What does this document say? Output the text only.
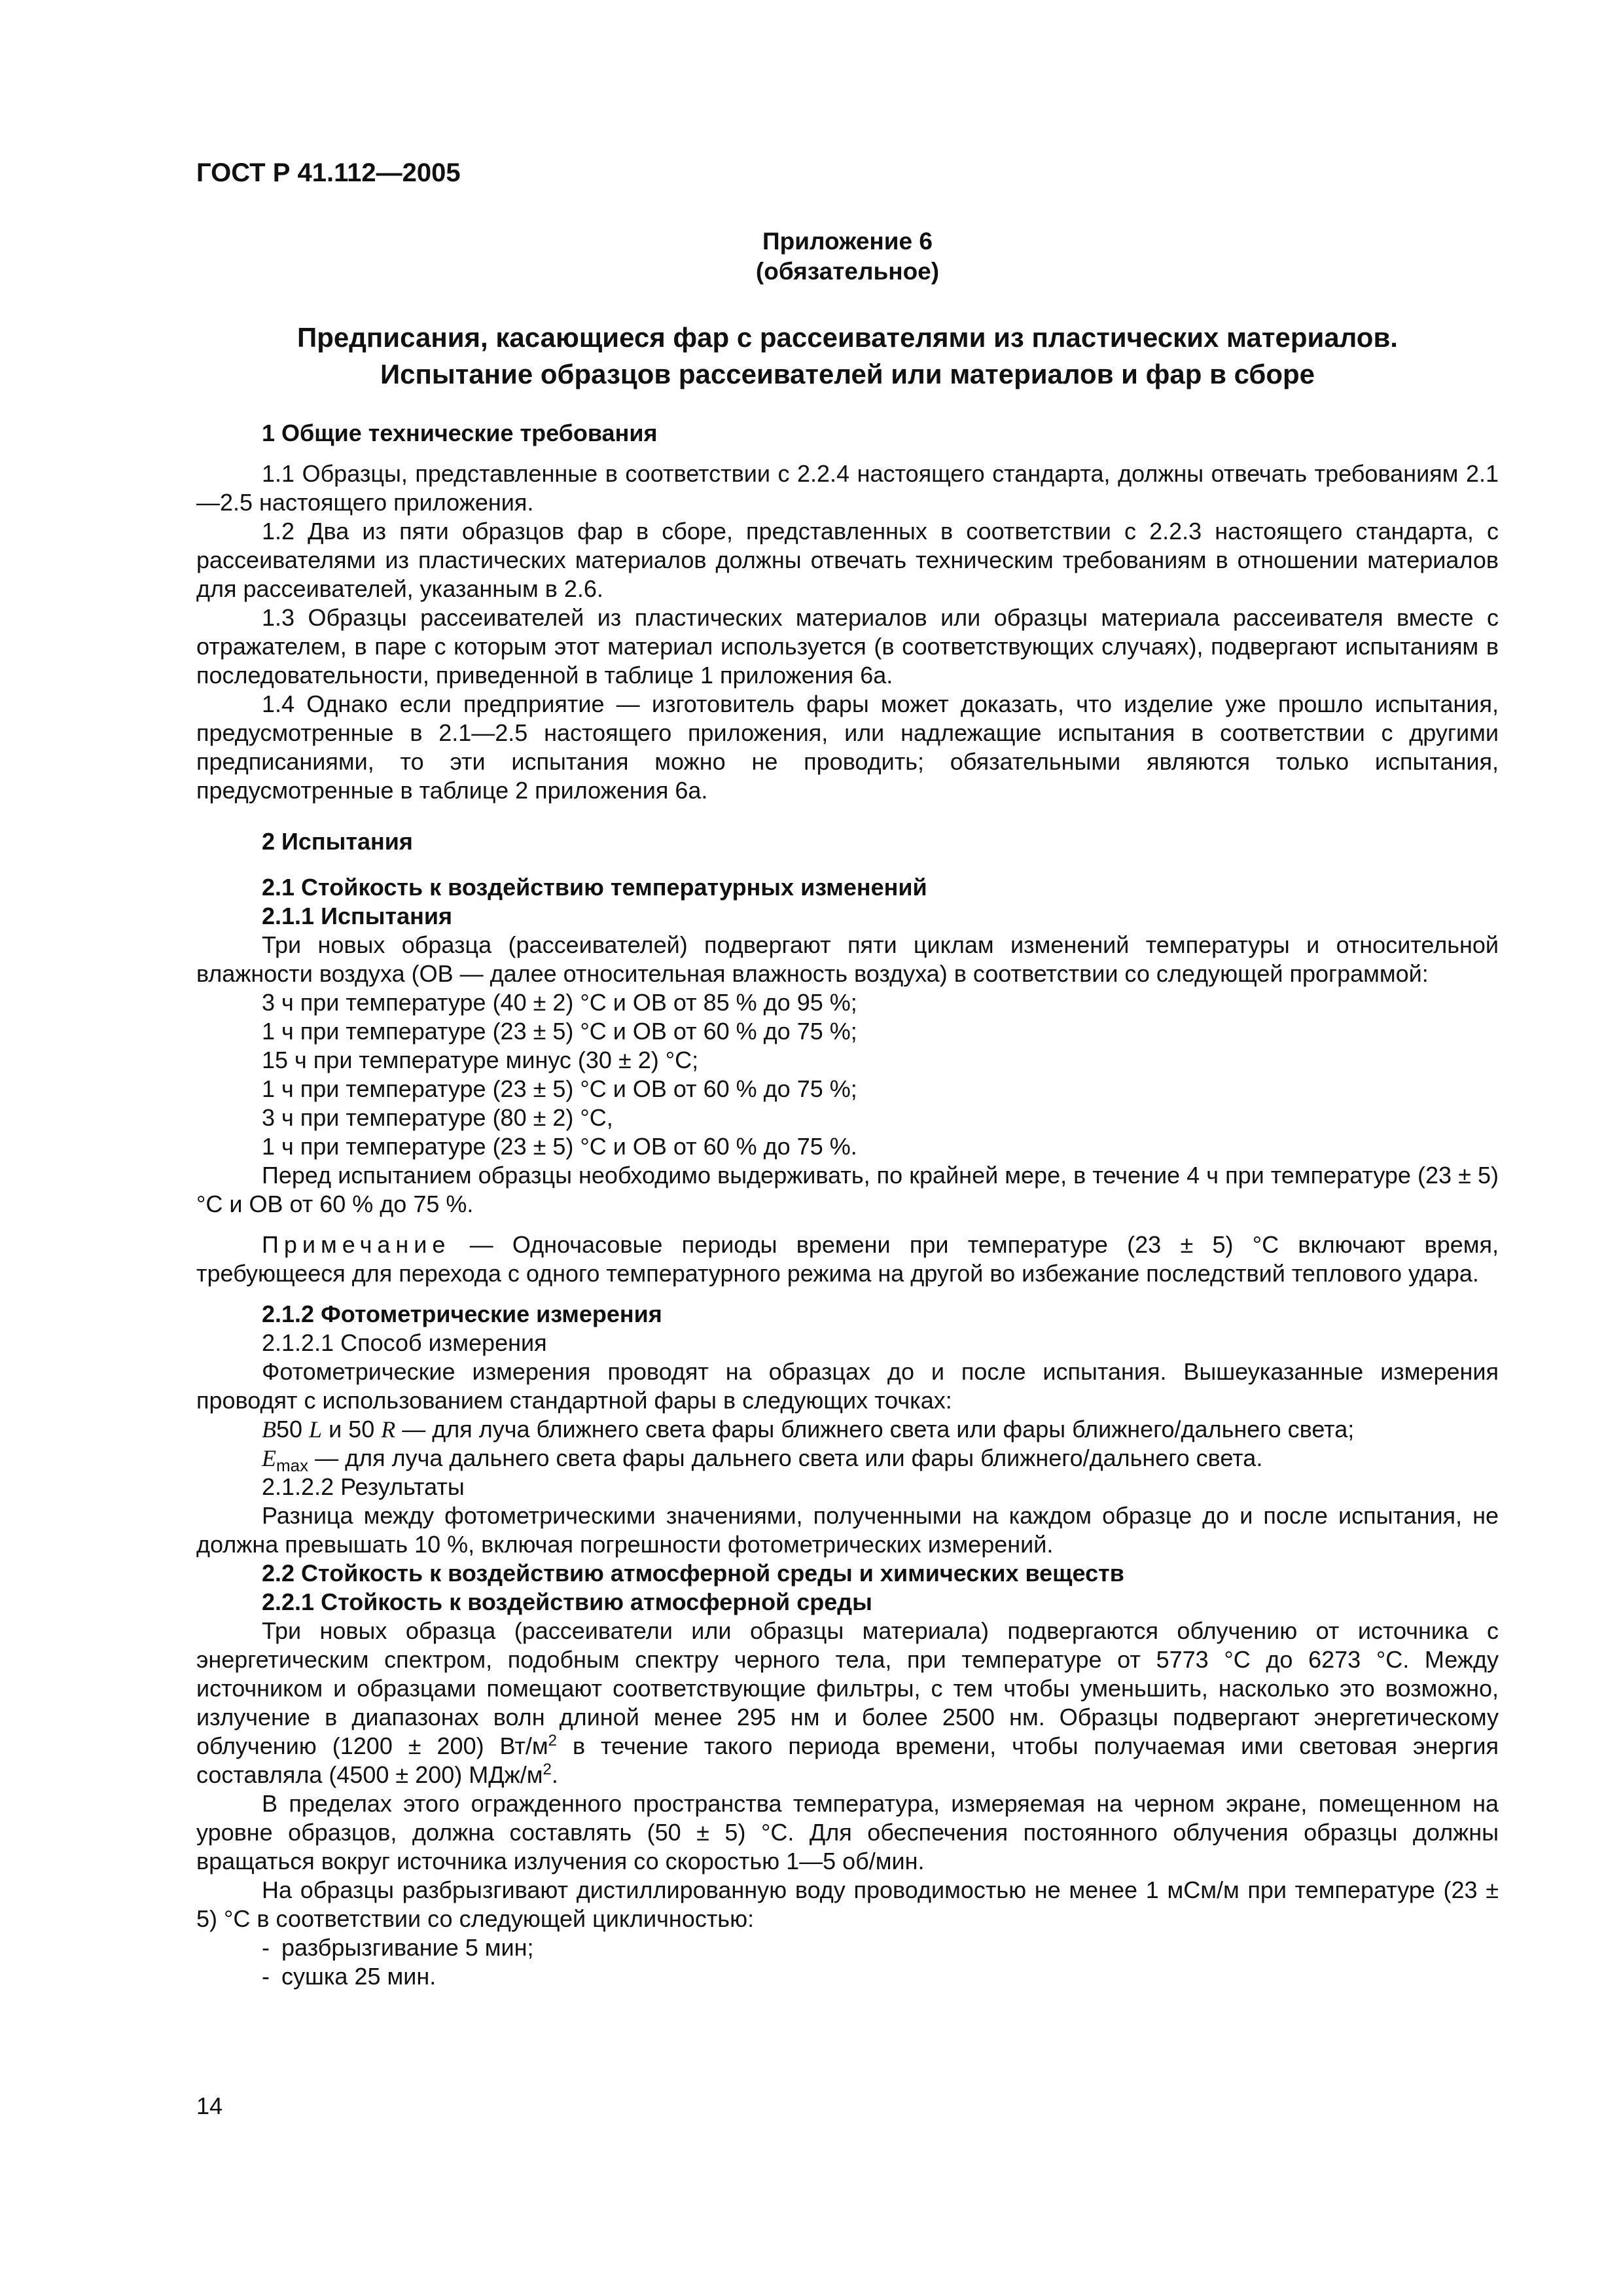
ГОСТ Р 41.112—2005
Приложение 6
(обязательное)
Предписания, касающиеся фар с рассеивателями из пластических материалов.
Испытание образцов рассеивателей или материалов и фар в сборе
1 Общие технические требования

1.1 Образцы, представленные в соответствии с 2.2.4 настоящего стандарта, должны отвечать требованиям 2.1—2.5 настоящего приложения.

1.2 Два из пяти образцов фар в сборе, представленных в соответствии с 2.2.3 настоящего стандарта, с рассеивателями из пластических материалов должны отвечать техническим требованиям в отношении материалов для рассеивателей, указанным в 2.6.

1.3 Образцы рассеивателей из пластических материалов или образцы материала рассеивателя вместе с отражателем, в паре с которым этот материал используется (в соответствующих случаях), подвергают испытаниям в последовательности, приведенной в таблице 1 приложения 6а.

1.4 Однако если предприятие — изготовитель фары может доказать, что изделие уже прошло испытания, предусмотренные в 2.1—2.5 настоящего приложения, или надлежащие испытания в соответствии с другими предписаниями, то эти испытания можно не проводить; обязательными являются только испытания, предусмотренные в таблице 2 приложения 6а.

2 Испытания
2.1 Стойкость к воздействию температурных изменений
2.1.1 Испытания

Три новых образца (рассеивателей) подвергают пяти циклам изменений температуры и относительной влажности воздуха (ОВ — далее относительная влажность воздуха) в соответствии со следующей программой:

3 ч при температуре (40 ± 2) °С и ОВ от 85 % до 95 %;

1 ч при температуре (23 ± 5) °С и ОВ от 60 % до 75 %;

15 ч при температуре минус (30 ± 2) °С;

1 ч при температуре (23 ± 5) °С и ОВ от 60 % до 75 %;

3 ч при температуре (80 ± 2) °С,

1 ч при температуре (23 ± 5) °С и ОВ от 60 % до 75 %.

Перед испытанием образцы необходимо выдерживать, по крайней мере, в течение 4 ч при температуре (23 ± 5) °С и ОВ от 60 % до 75 %.

Примечание — Одночасовые периоды времени при температуре (23 ± 5) °С включают время, требующееся для перехода с одного температурного режима на другой во избежание последствий теплового удара.

2.1.2 Фотометрические измерения
2.1.2.1 Способ измерения

Фотометрические измерения проводят на образцах до и после испытания. Вышеуказанные измерения проводят с использованием стандартной фары в следующих точках:

B50 L и 50 R — для луча ближнего света фары ближнего света или фары ближнего/дальнего света;

$E_{max}$ — для луча дальнего света фары дальнего света или фары ближнего/дальнего света.

2.1.2.2 Результаты

Разница между фотометрическими значениями, полученными на каждом образце до и после испытания, не должна превышать 10 %, включая погрешности фотометрических измерений.

2.2 Стойкость к воздействию атмосферной среды и химических веществ
2.2.1 Стойкость к воздействию атмосферной среды

Три новых образца (рассеиватели или образцы материала) подвергаются облучению от источника с энергетическим спектром, подобным спектру черного тела, при температуре от 5773 °С до 6273 °С. Между источником и образцами помещают соответствующие фильтры, с тем чтобы уменьшить, насколько это возможно, излучение в диапазонах волн длиной менее 295 нм и более 2500 нм. Образцы подвергают энергетическому облучению (1200 ± 200) $Вт/м^2$ в течение такого периода времени, чтобы получаемая ими световая энергия составляла (4500 ± 200) МДж/$м^2$.

В пределах этого огражденного пространства температура, измеряемая на черном экране, помещенном на уровне образцов, должна составлять (50 ± 5) °С. Для обеспечения постоянного облучения образцы должны вращаться вокруг источника излучения со скоростью 1—5 об/мин.

На образцы разбрызгивают дистиллированную воду проводимостью не менее 1 мСм/м при температуре (23 ± 5) °С в соответствии со следующей цикличностью:

- разбрызгивание 5 мин;

- сушка 25 мин.

14
